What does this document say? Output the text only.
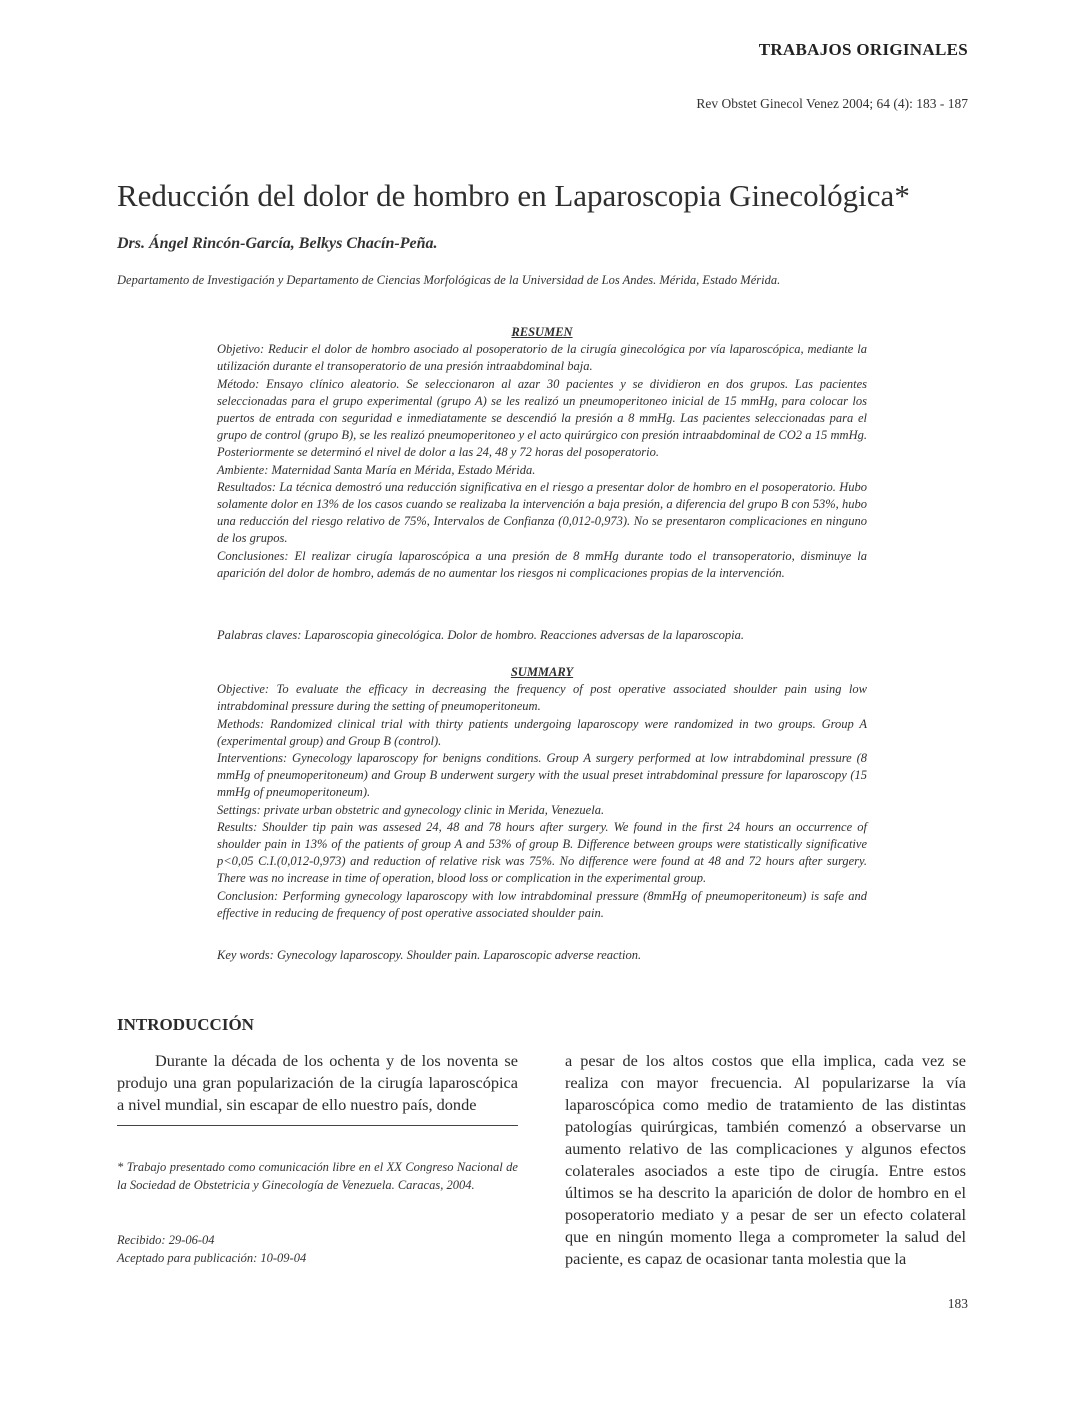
TRABAJOS ORIGINALES
Rev Obstet Ginecol Venez 2004; 64 (4): 183 - 187
Reducción del dolor de hombro en Laparoscopia Ginecológica*
Drs. Ángel Rincón-García, Belkys Chacín-Peña.
Departamento de Investigación y Departamento de Ciencias Morfológicas de la Universidad de Los Andes. Mérida, Estado Mérida.

RESUMEN

Objetivo: Reducir el dolor de hombro asociado al posoperatorio de la cirugía ginecológica por vía laparoscópica, mediante la utilización durante el transoperatorio de una presión intraabdominal baja.

Método: Ensayo clínico aleatorio. Se seleccionaron al azar 30 pacientes y se dividieron en dos grupos. Las pacientes seleccionadas para el grupo experimental (grupo A) se les realizó un pneumoperitoneo inicial de 15 mmHg, para colocar los puertos de entrada con seguridad e inmediatamente se descendió la presión a 8 mmHg. Las pacientes seleccionadas para el grupo de control (grupo B), se les realizó pneumoperitoneo y el acto quirúrgico con presión intraabdominal de CO2 a 15 mmHg. Posteriormente se determinó el nivel de dolor a las 24, 48 y 72 horas del posoperatorio.

Ambiente: Maternidad Santa María en Mérida, Estado Mérida.

Resultados: La técnica demostró una reducción significativa en el riesgo a presentar dolor de hombro en el posoperatorio. Hubo solamente dolor en 13% de los casos cuando se realizaba la intervención a baja presión, a diferencia del grupo B con 53%, hubo una reducción del riesgo relativo de 75%, Intervalos de Confianza (0,012-0,973). No se presentaron complicaciones en ninguno de los grupos.

Conclusiones: El realizar cirugía laparoscópica a una presión de 8 mmHg durante todo el transoperatorio, disminuye la aparición del dolor de hombro, además de no aumentar los riesgos ni complicaciones propias de la intervención.

Palabras claves: Laparoscopia ginecológica. Dolor de hombro. Reacciones adversas de la laparoscopia.

SUMMARY

Objective: To evaluate the efficacy in decreasing the frequency of post operative associated shoulder pain using low intrabdominal pressure during the setting of pneumoperitoneum.

Methods: Randomized clinical trial with thirty patients undergoing laparoscopy were randomized in two groups. Group A (experimental group) and Group B (control).

Interventions: Gynecology laparoscopy for benigns conditions. Group A surgery performed at low intrabdominal pressure (8 mmHg of pneumoperitoneum) and Group B underwent surgery with the usual preset intrabdominal pressure for laparoscopy (15 mmHg of pneumoperitoneum).

Settings: private urban obstetric and gynecology clinic in Merida, Venezuela.

Results: Shoulder tip pain was assesed 24, 48 and 78 hours after surgery. We found in the first 24 hours an occurrence of shoulder pain in 13% of the patients of group A and 53% of group B. Difference between groups were statistically significative p<0,05 C.I.(0,012-0,973) and reduction of relative risk was 75%. No difference were found at 48 and 72 hours after surgery. There was no increase in time of operation, blood loss or complication in the experimental group.

Conclusion: Performing gynecology laparoscopy with low intrabdominal pressure (8mmHg of pneumoperitoneum) is safe and effective in reducing de frequency of post operative associated shoulder pain.

Key words: Gynecology laparoscopy. Shoulder pain. Laparoscopic adverse reaction.

INTRODUCCIÓN

Durante la década de los ochenta y de los noventa se produjo una gran popularización de la cirugía laparoscópica a nivel mundial, sin escapar de ello nuestro país, donde

* Trabajo presentado como comunicación libre en el XX Congreso Nacional de la Sociedad de Obstetricia y Ginecología de Venezuela. Caracas, 2004.
Recibido: 29-06-04
Aceptado para publicación: 10-09-04

a pesar de los altos costos que ella implica, cada vez se realiza con mayor frecuencia. Al popularizarse la vía laparoscópica como medio de tratamiento de las distintas patologías quirúrgicas, también comenzó a observarse un aumento relativo de las complicaciones y algunos efectos colaterales asociados a este tipo de cirugía. Entre estos últimos se ha descrito la aparición de dolor de hombro en el posoperatorio mediato y a pesar de ser un efecto colateral que en ningún momento llega a comprometer la salud del paciente, es capaz de ocasionar tanta molestia que la

183
